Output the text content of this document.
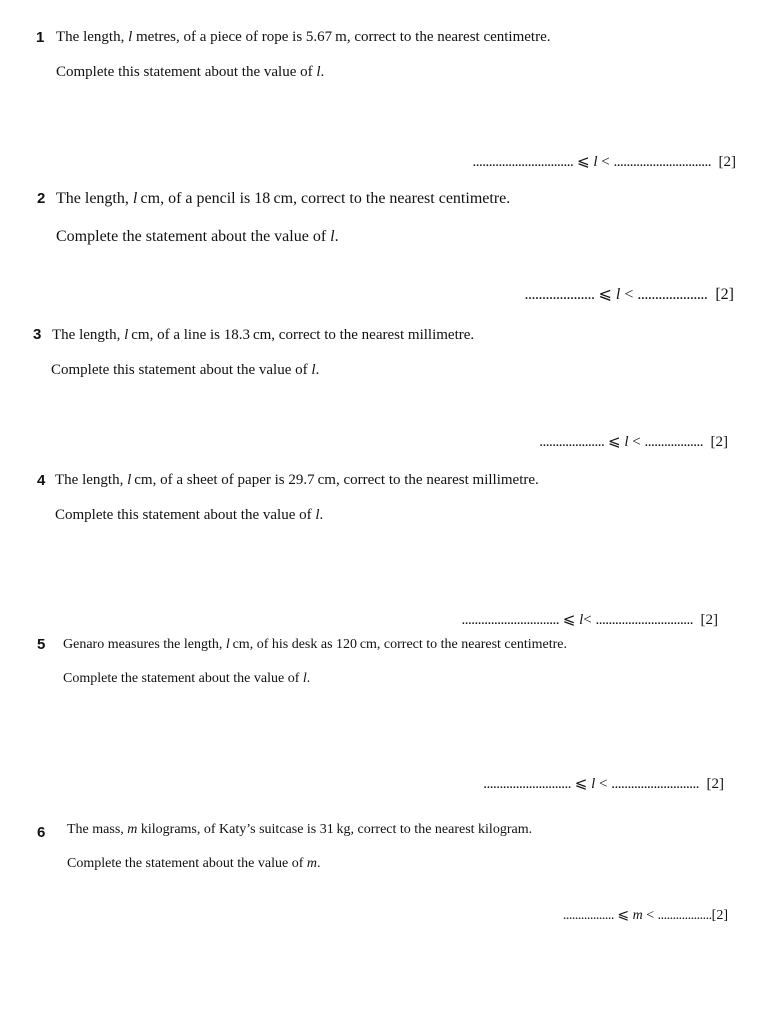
1 The length, l metres, of a piece of rope is 5.67 m, correct to the nearest centimetre.
Complete this statement about the value of l.
............................... ⩽ l < .............................. [2]
2 The length, l cm, of a pencil is 18 cm, correct to the nearest centimetre.
Complete the statement about the value of l.
.................... ⩽ l < .................... [2]
3 The length, l cm, of a line is 18.3 cm, correct to the nearest millimetre.
Complete this statement about the value of l.
.................... ⩽ l < .................. [2]
4 The length, l cm, of a sheet of paper is 29.7 cm, correct to the nearest millimetre.
Complete this statement about the value of l.
.............................. ⩽ l< .............................. [2]
5 Genaro measures the length, l cm, of his desk as 120 cm, correct to the nearest centimetre.
Complete the statement about the value of l.
........................... ⩽ l < ........................... [2]
6 The mass, m kilograms, of Katy’s suitcase is 31 kg, correct to the nearest kilogram.
Complete the statement about the value of m.
................. ⩽ m < ..................[2]
